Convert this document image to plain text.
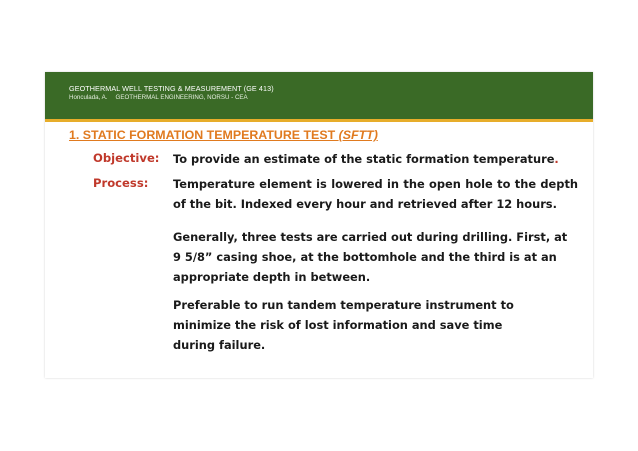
GEOTHERMAL WELL TESTING & MEASUREMENT (GE 413)
Honculada, A. GEOTHERMAL ENGINEERING, NORSU - CEA
1. STATIC FORMATION TEMPERATURE TEST (SFTT)
Objective: To provide an estimate of the static formation temperature.
Process: Temperature element is lowered in the open hole to the depth of the bit. Indexed every hour and retrieved after 12 hours.
Generally, three tests are carried out during drilling. First, at 9 5/8” casing shoe, at the bottomhole and the third is at an appropriate depth in between.
Preferable to run tandem temperature instrument to minimize the risk of lost information and save time during failure.
